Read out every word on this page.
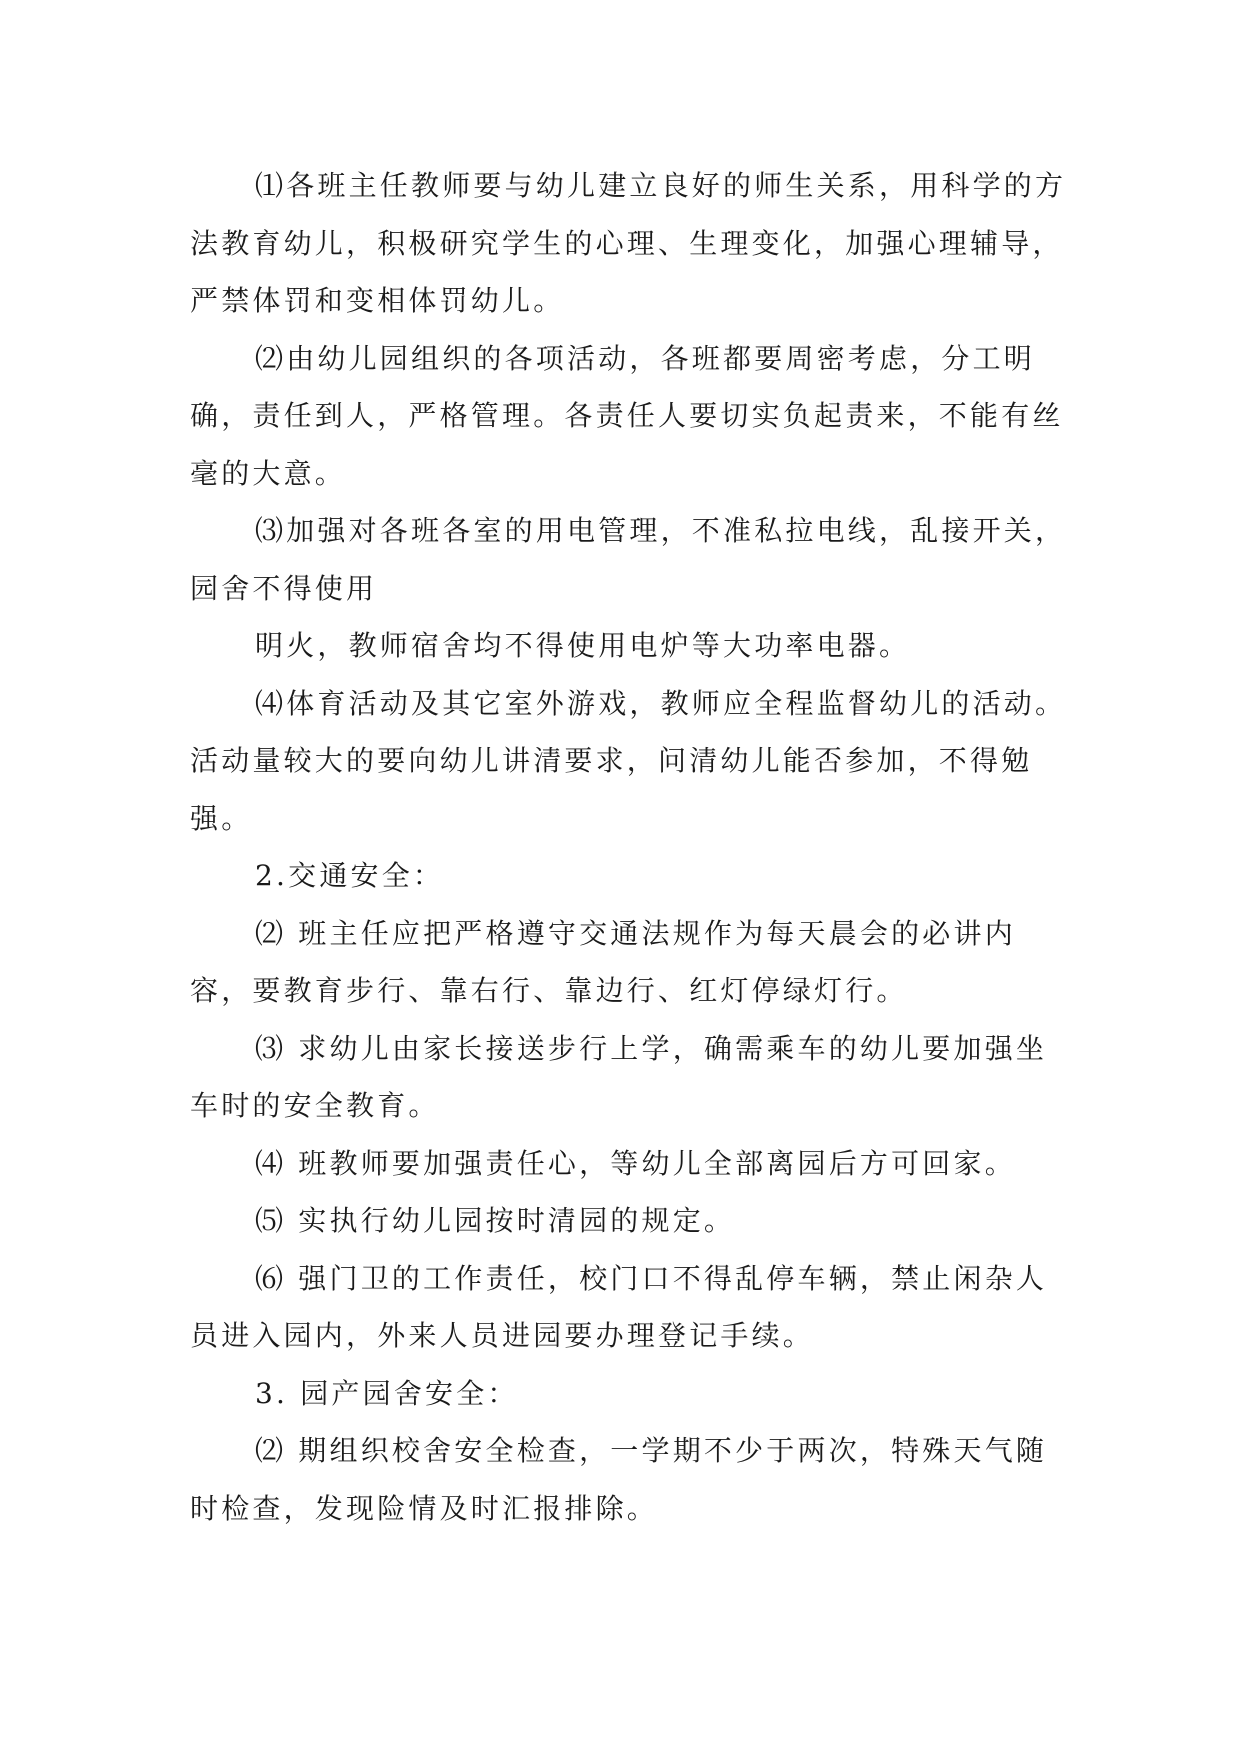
⑴各班主任教师要与幼儿建立良好的师生关系，用科学的方法教育幼儿，积极研究学生的心理、生理变化，加强心理辅导，严禁体罚和变相体罚幼儿。

⑵由幼儿园组织的各项活动，各班都要周密考虑，分工明确，责任到人，严格管理。各责任人要切实负起责来，不能有丝毫的大意。

⑶加强对各班各室的用电管理，不准私拉电线，乱接开关，园舍不得使用

明火，教师宿舍均不得使用电炉等大功率电器。

⑷体育活动及其它室外游戏，教师应全程监督幼儿的活动。活动量较大的要向幼儿讲清要求，问清幼儿能否参加，不得勉强。

2.交通安全：

⑵ 班主任应把严格遵守交通法规作为每天晨会的必讲内容，要教育步行、靠右行、靠边行、红灯停绿灯行。

⑶ 求幼儿由家长接送步行上学，确需乘车的幼儿要加强坐车时的安全教育。

⑷ 班教师要加强责任心，等幼儿全部离园后方可回家。

⑸ 实执行幼儿园按时清园的规定。

⑹ 强门卫的工作责任，校门口不得乱停车辆，禁止闲杂人员进入园内，外来人员进园要办理登记手续。

3. 园产园舍安全：

⑵ 期组织校舍安全检查，一学期不少于两次，特殊天气随时检查，发现险情及时汇报排除。
